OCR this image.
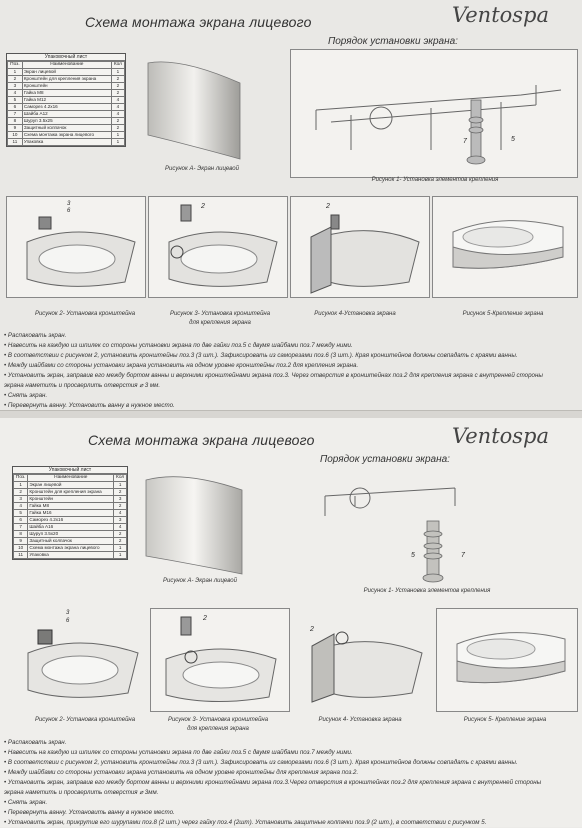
Схема монтажа экрана лицевого	Ventospa
Порядок установки экрана:
Упаковочный лист
Поз.	Наименование	Кол
1	Экран лицевой	1
2	Кронштейн для крепления экрана	2
3	Кронштейн	2
4	Гайка М8	2
5	Гайка М12	4
6	Саморез 4.2х16	4
7	Шайба А12	4
8	Шуруп 3.5х25	2
9	Защитный колпачок	2
10	Схема монтажа экрана лицевого	1
11	Упаковка	1
Рисунок А- Экран лицевой
7	5
Рисунок 1- Установка элементов крепления
3
6
2	2
Рисунок 2- Установка кронштейна	Рисунок 3- Установка кронштейна
для крепления экрана
Рисунок 4-Установка экрана	Рисунок 5-Крепление экрана
• Распаковать экран.
• Навесить на каждую из шпилек со стороны установки экрана по две гайки поз.5 с двумя шайбами поз.7 между ними.
• В соответствии с рисунком 2, установить кронштейны поз.3 (3 шт.). Зафиксировать из саморезами поз.6 (3 шт.). Края кронштейнов должны совпадать с краями ванны.
• Между шайбами со стороны установки экрана установить на одном уровне кронштейны поз.2 для крепления экрана.
• Установить экран, заправив его между бортом ванны и верхними кронштейнами экрана поз.3. Через отверстия в кронштейнах поз.2 для крепления экрана с внутренней стороны
экрана наметить и просверлить отверстия ⌀ 3 мм.
• Снять экран.
• Перевернуть ванну. Установить ванну в нужное место.
Схема монтажа экрана лицевого	Ventospa
Порядок установки экрана:
Упаковочный лист
Поз.	Наименование	Кол
1	Экран лицевой	1
2	Кронштейн для крепления экрана	2
3	Кронштейн	3
4	Гайка М8	2
5	Гайка М16	4
6	Саморез 4.2х16	3
7	Шайба А16	4
8	Шуруп 3.5х20	2
9	Защитный колпачок	2
10	Схема монтажа экрана лицевого	1
11	Упаковка	1
Рисунок А- Экран лицевой
5	7
Рисунок 1- Установка элементов крепления
3
6	2
2
Рисунок 2- Установка кронштейна	Рисунок 3- Установка кронштейна
для крепления экрана
Рисунок 4- Установка экрана	Рисунок 5- Крепление экрана
• Распаковать экран.
• Навесить на каждую из шпилек со стороны установки экрана по две гайки поз.5 с двумя шайбами поз.7 между ними.
• В соответствии с рисунком 2, установить кронштейны поз.3 (3 шт.). Зафиксировать из саморезами поз.6 (3 шт.). Края кронштейнов должны совпадать с краями ванны.
• Между шайбами со стороны установки экрана установить на одном уровне кронштейны для крепления экрана поз.2.
• Установить экран, заправив его между бортом ванны и верхними кронштейнами экрана поз.3.Через отверстия в кронштейнах поз.2 для крепления экрана с внутренней стороны
экрана наметить и просверлить отверстия ⌀ 3мм.
• Снять экран.
• Перевернуть ванну. Установить ванну в нужное место.
• Установить экран, прикрутив его шурупами поз.8 (2 шт.) через гайку поз.4 (2шт). Установить защитные колпачки поз.9 (2 шт.), в соответствии с рисунком 5.
